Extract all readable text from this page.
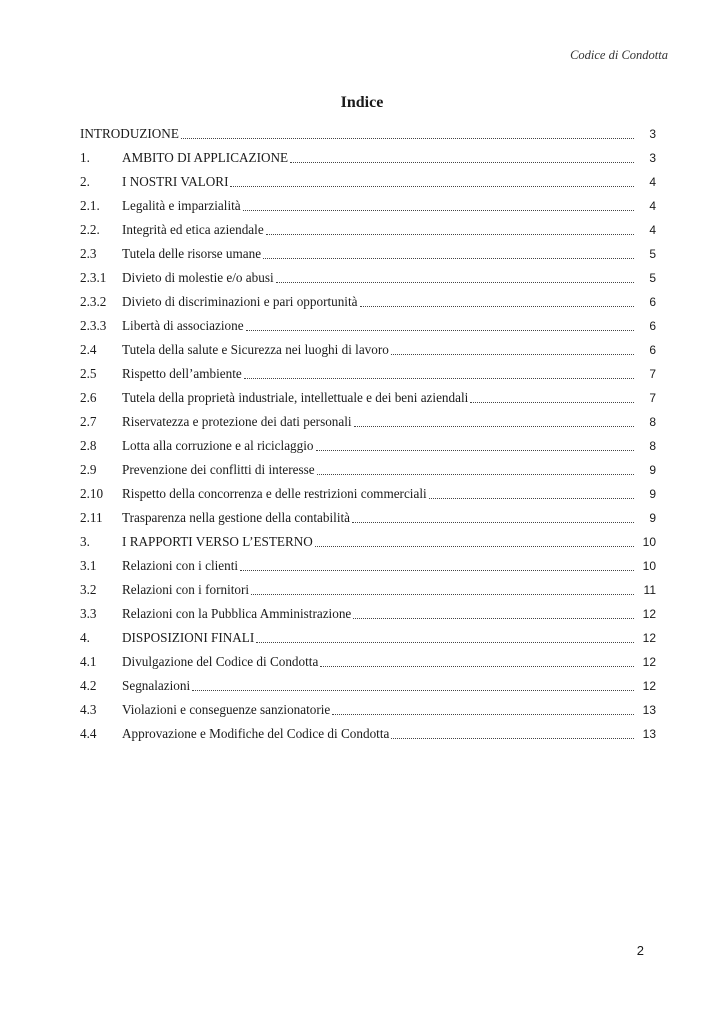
Codice di Condotta
Indice
INTRODUZIONE	3
1.	AMBITO DI APPLICAZIONE	3
2.	I NOSTRI VALORI	4
2.1.	Legalità e imparzialità	4
2.2.	Integrità ed etica aziendale	4
2.3	Tutela delle risorse umane	5
2.3.1	Divieto di molestie e/o abusi	5
2.3.2	Divieto di discriminazioni e pari opportunità	6
2.3.3	Libertà di associazione	6
2.4	Tutela della salute e Sicurezza nei luoghi di lavoro	6
2.5	Rispetto dell’ambiente	7
2.6	Tutela della proprietà industriale, intellettuale e dei beni aziendali	7
2.7	Riservatezza e protezione dei dati personali	8
2.8	Lotta alla corruzione e al riciclaggio	8
2.9	Prevenzione dei conflitti di interesse	9
2.10	Rispetto della concorrenza e delle restrizioni commerciali	9
2.11	Trasparenza nella gestione della contabilità	9
3.	I RAPPORTI VERSO L’ESTERNO	10
3.1	Relazioni con i clienti	10
3.2	Relazioni con i fornitori	11
3.3	Relazioni con la Pubblica Amministrazione	12
4.	DISPOSIZIONI FINALI	12
4.1	Divulgazione del Codice di Condotta	12
4.2	Segnalazioni	12
4.3	Violazioni e conseguenze sanzionatorie	13
4.4	Approvazione e Modifiche del Codice di Condotta	13
2
